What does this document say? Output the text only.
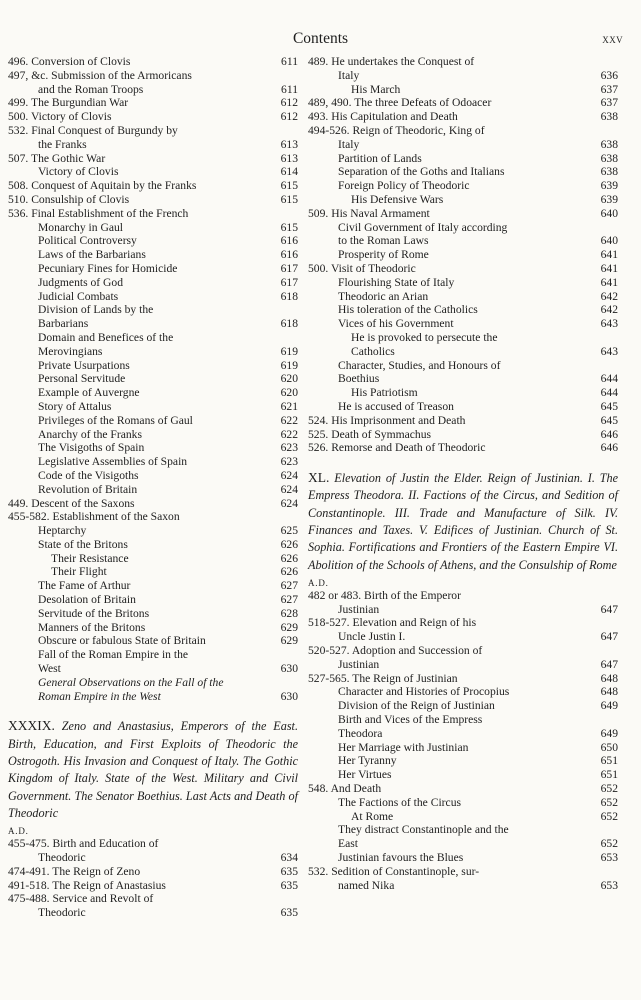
Contents	xxv
496. Conversion of Clovis	611
497, &c. Submission of the Armoricans
and the Roman Troops	611
499. The Burgundian War	612
500. Victory of Clovis	612
532. Final Conquest of Burgundy by
the Franks	613
507. The Gothic War	613
Victory of Clovis	614
508. Conquest of Aquitain by the Franks	615
510. Consulship of Clovis	615
536. Final Establishment of the French
Monarchy in Gaul	615
Political Controversy	616
Laws of the Barbarians	616
Pecuniary Fines for Homicide	617
Judgments of God	617
Judicial Combats	618
Division of Lands by the
Barbarians	618
Domain and Benefices of the
Merovingians	619
Private Usurpations	619
Personal Servitude	620
Example of Auvergne	620
Story of Attalus	621
Privileges of the Romans of Gaul	622
Anarchy of the Franks	622
The Visigoths of Spain	623
Legislative Assemblies of Spain	623
Code of the Visigoths	624
Revolution of Britain	624
449. Descent of the Saxons	624
455-582. Establishment of the Saxon
Heptarchy	625
State of the Britons	626
Their Resistance	626
Their Flight	626
The Fame of Arthur	627
Desolation of Britain	627
Servitude of the Britons	628
Manners of the Britons	629
Obscure or fabulous State of Britain	629
Fall of the Roman Empire in the
West	630
General Observations on the Fall of the
Roman Empire in the West	630
XXXIX. Zeno and Anastasius, Emperors of the East. Birth, Education, and First Exploits of Theodoric the Ostrogoth. His Invasion and Conquest of Italy. The Gothic Kingdom of Italy. State of the West. Military and Civil Government. The Senator Boethius. Last Acts and Death of Theodoric
A.D.
455-475. Birth and Education of
Theodoric	634
474-491. The Reign of Zeno	635
491-518. The Reign of Anastasius	635
475-488. Service and Revolt of
Theodoric	635
489. He undertakes the Conquest of
Italy	636
His March	637
489, 490. The three Defeats of Odoacer	637
493. His Capitulation and Death	638
494-526. Reign of Theodoric, King of
Italy	638
Partition of Lands	638
Separation of the Goths and Italians	638
Foreign Policy of Theodoric	639
His Defensive Wars	639
509. His Naval Armament	640
Civil Government of Italy according
to the Roman Laws	640
Prosperity of Rome	641
500. Visit of Theodoric	641
Flourishing State of Italy	641
Theodoric an Arian	642
His toleration of the Catholics	642
Vices of his Government	643
He is provoked to persecute the
Catholics	643
Character, Studies, and Honours of
Boethius	644
His Patriotism	644
He is accused of Treason	645
524. His Imprisonment and Death	645
525. Death of Symmachus	646
526. Remorse and Death of Theodoric	646
XL. Elevation of Justin the Elder. Reign of Justinian. I. The Empress Theodora. II. Factions of the Circus, and Sedition of Constantinople. III. Trade and Manufacture of Silk. IV. Finances and Taxes. V. Edifices of Justinian. Church of St. Sophia. Fortifications and Frontiers of the Eastern Empire VI. Abolition of the Schools of Athens, and the Consulship of Rome
A.D.
482 or 483. Birth of the Emperor
Justinian	647
518-527. Elevation and Reign of his
Uncle Justin I.	647
520-527. Adoption and Succession of
Justinian	647
527-565. The Reign of Justinian	648
Character and Histories of Procopius	648
Division of the Reign of Justinian	649
Birth and Vices of the Empress
Theodora	649
Her Marriage with Justinian	650
Her Tyranny	651
Her Virtues	651
548. And Death	652
The Factions of the Circus	652
At Rome	652
They distract Constantinople and the
East	652
Justinian favours the Blues	653
532. Sedition of Constantinople, sur-
named Nika	653
